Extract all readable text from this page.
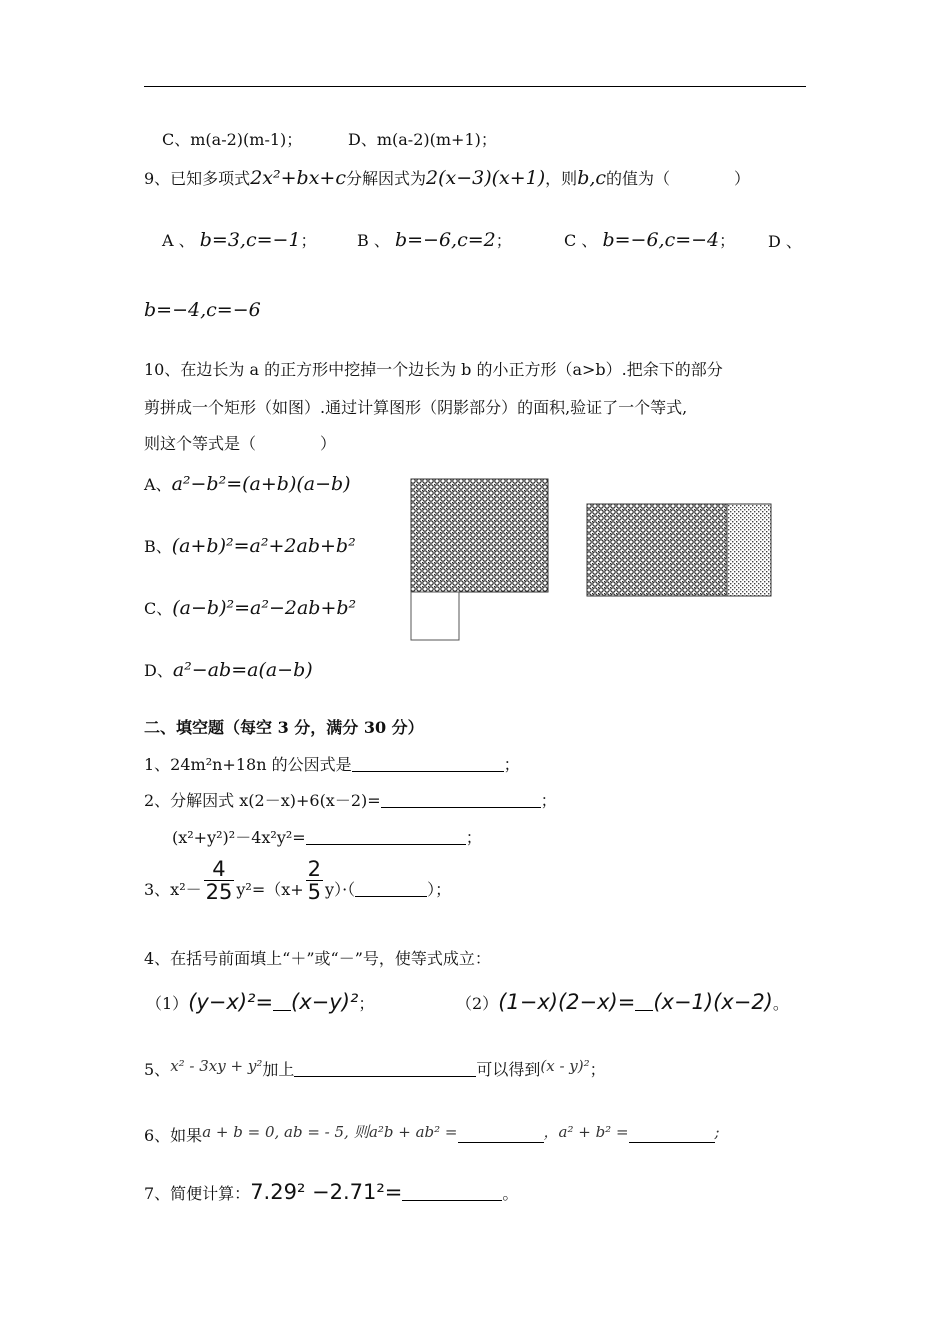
C、m(a-2)(m-1)；	D、m(a-2)(m+1)；
9、已知多项式2x²+bx+c分解因式为2(x−3)(x+1)，则b,c的值为（　　　　）
A 、 b=3,c=−1；	B 、 b=−6,c=2；	C 、 b=−6,c=−4； D 、
b=−4,c=−6
10、在边长为 a 的正方形中挖掉一个边长为 b 的小正方形（a>b）.把余下的部分
剪拼成一个矩形（如图）.通过计算图形（阴影部分）的面积,验证了一个等式,
则这个等式是（　　　　）
A、a²−b²=(a+b)(a−b)
B、(a+b)²=a²+2ab+b²
C、(a−b)²=a²−2ab+b²
D、a²−ab=a(a−b)
二、填空题（每空 3 分，满分 30 分）
1、24m²n+18n 的公因式是	；
2、分解因式 x(2－x)+6(x－2)=	；
(x²+y²)²－4x²y²=	；
3、$x^2- \frac{4}{25} y^2=(x+ \frac{2}{5} y)\cdot$（	）；
4、在括号前面填上“＋”或“－”号，使等式成立：
（1）(y−x)²= (x−y)²；	（2）(1−x)(2−x)= (x−1)(x−2)。
5、x² - 3xy + y²加上	可以得到(x - y)²；
6、如果a + b = 0, ab = - 5, 则a²b + ab² =	，a² + b² =	;
7、简便计算：7.29² −2.71²=	。
